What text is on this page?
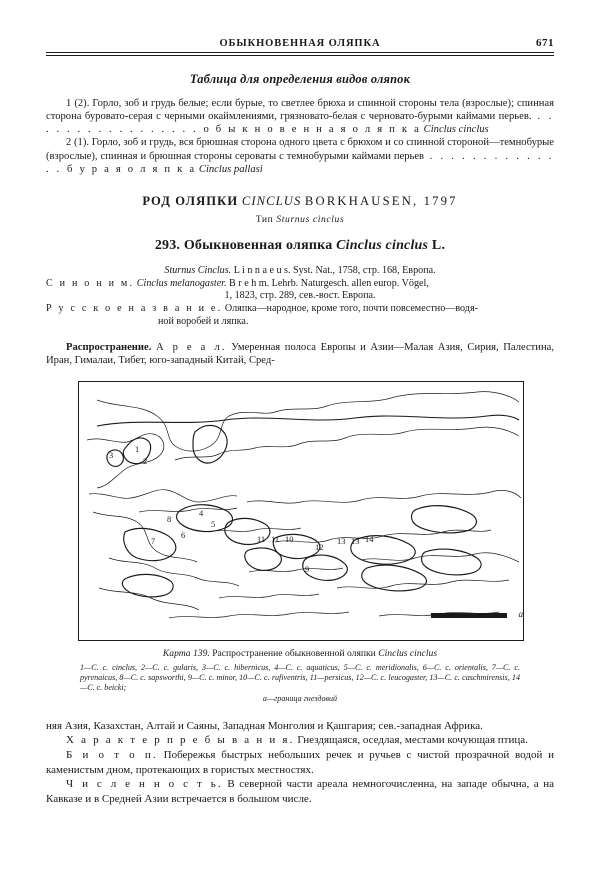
ОБЫКНОВЕННАЯ ОЛЯПКА	671
Таблица для определения видов оляпок

1 (2). Горло, зоб и грудь белые; если бурые, то светлее брюха и спинной стороны тела (взрослые); спинная сторона буровато-серая с черными окаймлениями, грязновато-белая с черновато-бурыми каймами перьев. . . . . . . . . . . . . . . . . . о б ы к н о в е н н а я о л я п к а Cinclus cinclus

2 (1). Горло, зоб и грудь, вся брюшная сторона одного цвета с брюхом и со спинной стороной—темнобурые (взрослые), спинная и брюшная стороны сероваты с темнобурыми каймами перьев . . . . . . . . . . . . . . б у р а я о л я п к а Cinclus pallasi

РОД ОЛЯПКИ CINCLUS BORKHAUSEN, 1797
Тип Sturnus cinclus
293. Обыкновенная оляпка Cinclus cinclus L.

Sturnus Cinclus. L i n n a e u s. Syst. Nat., 1758, стр. 168, Европа.

С и н о н и м. Cinclus melanogaster. B r e h m. Lehrb. Naturgesch. allen europ. Vögel,

1, 1823, стр. 289, сев.-вост. Европа.

Р у с с к о е н а з в а н и е. Оляпка—народное, кроме того, почти повсеместно—водя-

ной воробей и ляпка.

Распространение. А р е а л. Умеренная полоса Европы и Азии—Малая Азия, Сирия, Палестина, Иран, Гималаи, Тибет, юго-западный Китай, Сред-

3
1
2
4
5
8
7
6	11 11 10
12
13 13 14
9
a
Карта 139. Распространение обыкновенной оляпки Cinclus cinclus
1—C. c. cinclus, 2—C. c. gularis, 3—C. c. hibernicus, 4—C. c. aquaticus, 5—C. c. meridionalis, 6—C. c. orientalis, 7—C. c. pyrenaicus, 8—C. c. sapsworthi, 9—C. c. minor, 10—C. c. rufiventris, 11—persicus, 12—C. c. leucogaster, 13—C. c. caschmirensis, 14—C. c. beicki;
a—граница гнездовий

няя Азия, Казахстан, Алтай и Саяны, Западная Монголия и Қашгария; сев.-западная Африка.

Х а р а к т е р п р е б ы в а н и я. Гнездящаяся, оседлая, местами кочующая птица.

Б и о т о п. Побережья быстрых небольших речек и ручьев с чистой прозрачной водой и каменистым дном, протекающих в гористых местностях.

Ч и с л е н н о с т ь. В северной части ареала немногочисленна, на западе обычна, а на Кавказе и в Средней Азии встречается в большом числе.
